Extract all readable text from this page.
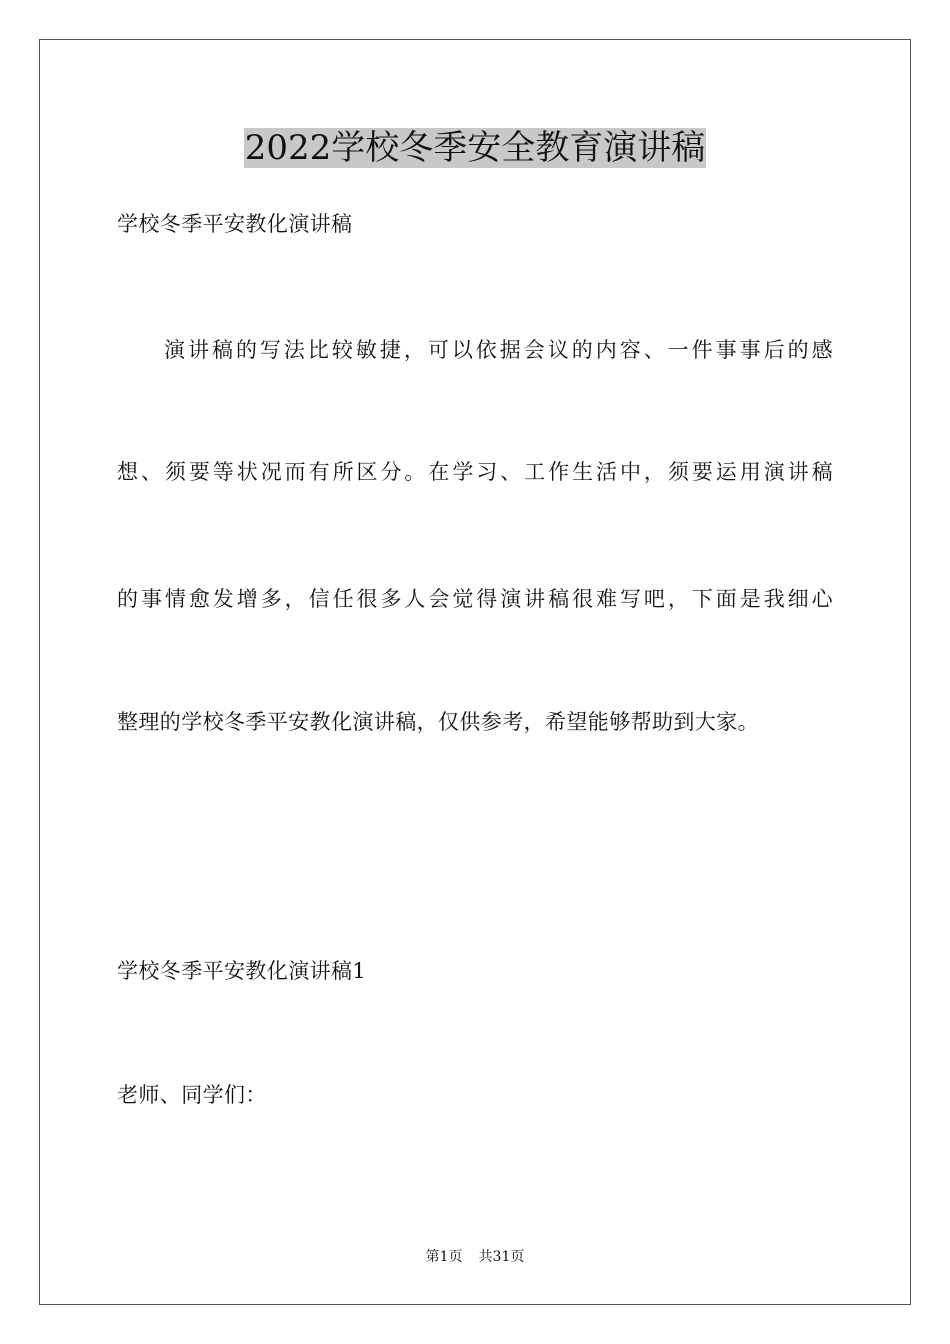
2022学校冬季安全教育演讲稿
学校冬季平安教化演讲稿
演讲稿的写法比较敏捷，可以依据会议的内容、一件事事后的感
想、须要等状况而有所区分。在学习、工作生活中，须要运用演讲稿
的事情愈发增多，信任很多人会觉得演讲稿很难写吧，下面是我细心
整理的学校冬季平安教化演讲稿，仅供参考，希望能够帮助到大家。
学校冬季平安教化演讲稿1
老师、同学们：
第1页 共31页
